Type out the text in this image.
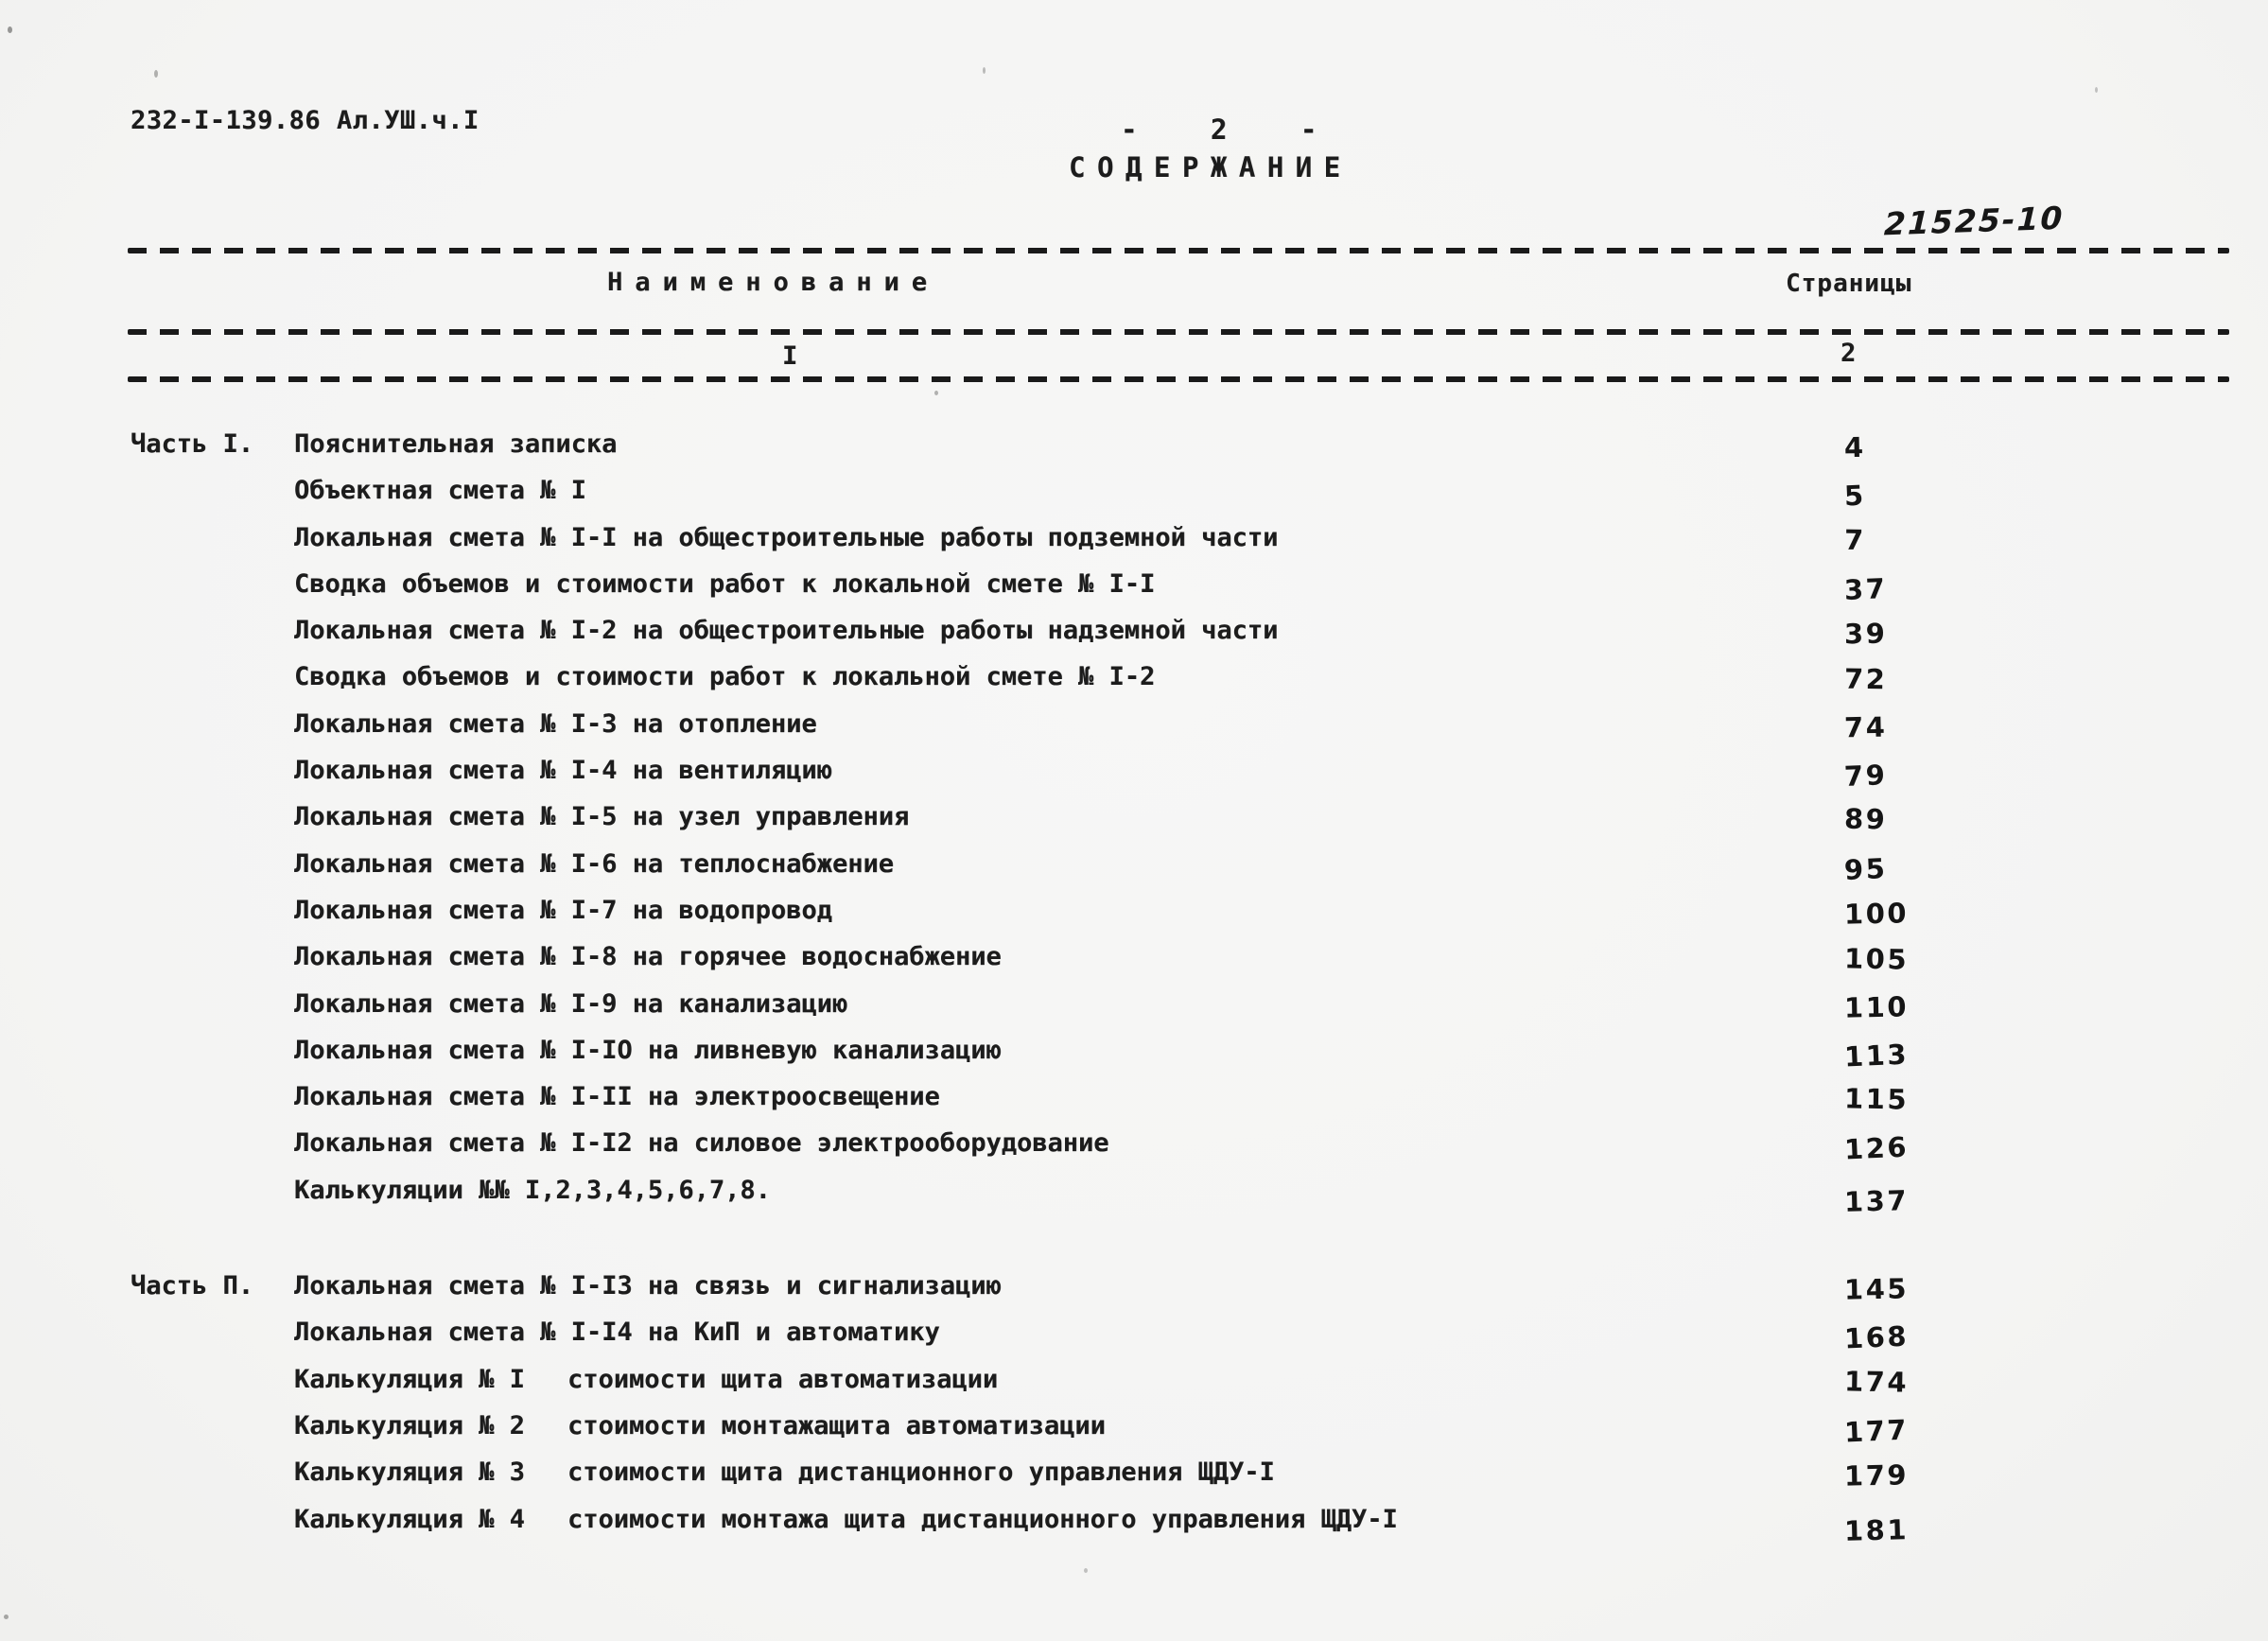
232-I-139.86 Ал.УШ.ч.I	- 2 -
СОДЕРЖАНИЕ
21525-10
Наименование	Страницы
I	2
Часть I. Пояснительная записка	4
Объектная смета № I	5
Локальная смета № I-I на общестроительные работы подземной части	7
Сводка объемов и стоимости работ к локальной смете № I-I	37
Локальная смета № I-2 на общестроительные работы надземной части	39
Сводка объемов и стоимости работ к локальной смете № I-2	72
Локальная смета № I-3 на отопление	74
Локальная смета № I-4 на вентиляцию	79
Локальная смета № I-5 на узел управления	89
Локальная смета № I-6 на теплоснабжение	95
Локальная смета № I-7 на водопровод	100
Локальная смета № I-8 на горячее водоснабжение	105
Локальная смета № I-9 на канализацию	110
Локальная смета № I-IO на ливневую канализацию	113
Локальная смета № I-II на электроосвещение	115
Локальная смета № I-I2 на силовое электрооборудование	126
Калькуляции №№ I,2,3,4,5,6,7,8.	137
Часть П. Локальная смета № I-I3 на связь и сигнализацию	145
Локальная смета № I-I4 на КиП и автоматику	168
Калькуляция № I стоимости щита автоматизации	174
Калькуляция № 2 стоимости монтажащита автоматизации	177
Калькуляция № 3 стоимости щита дистанционного управления ЩДУ-I	179
Калькуляция № 4 стоимости монтажа щита дистанционного управления ЩДУ-I	181
